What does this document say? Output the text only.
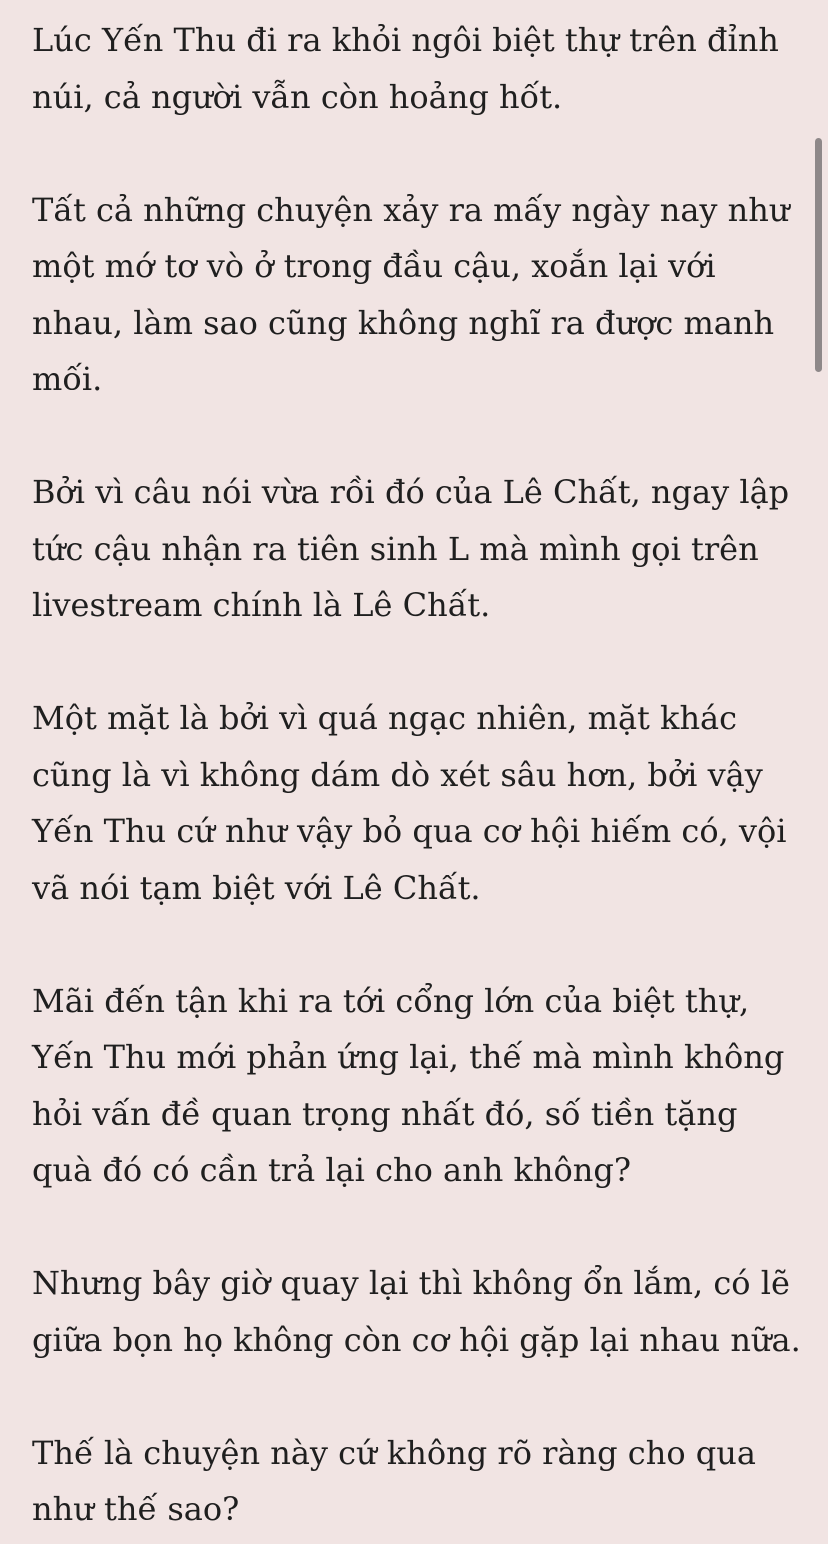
Lúc Yến Thu đi ra khỏi ngôi biệt thự trên đỉnh núi, cả người vẫn còn hoảng hốt.

Tất cả những chuyện xảy ra mấy ngày nay như một mớ tơ vò ở trong đầu cậu, xoắn lại với nhau, làm sao cũng không nghĩ ra được manh mối.

Bởi vì câu nói vừa rồi đó của Lê Chất, ngay lập tức cậu nhận ra tiên sinh L mà mình gọi trên livestream chính là Lê Chất.

Một mặt là bởi vì quá ngạc nhiên, mặt khác cũng là vì không dám dò xét sâu hơn, bởi vậy Yến Thu cứ như vậy bỏ qua cơ hội hiếm có, vội vã nói tạm biệt với Lê Chất.

Mãi đến tận khi ra tới cổng lớn của biệt thự, Yến Thu mới phản ứng lại, thế mà mình không hỏi vấn đề quan trọng nhất đó, số tiền tặng quà đó có cần trả lại cho anh không?

Nhưng bây giờ quay lại thì không ổn lắm, có lẽ giữa bọn họ không còn cơ hội gặp lại nhau nữa.

Thế là chuyện này cứ không rõ ràng cho qua như thế sao?
